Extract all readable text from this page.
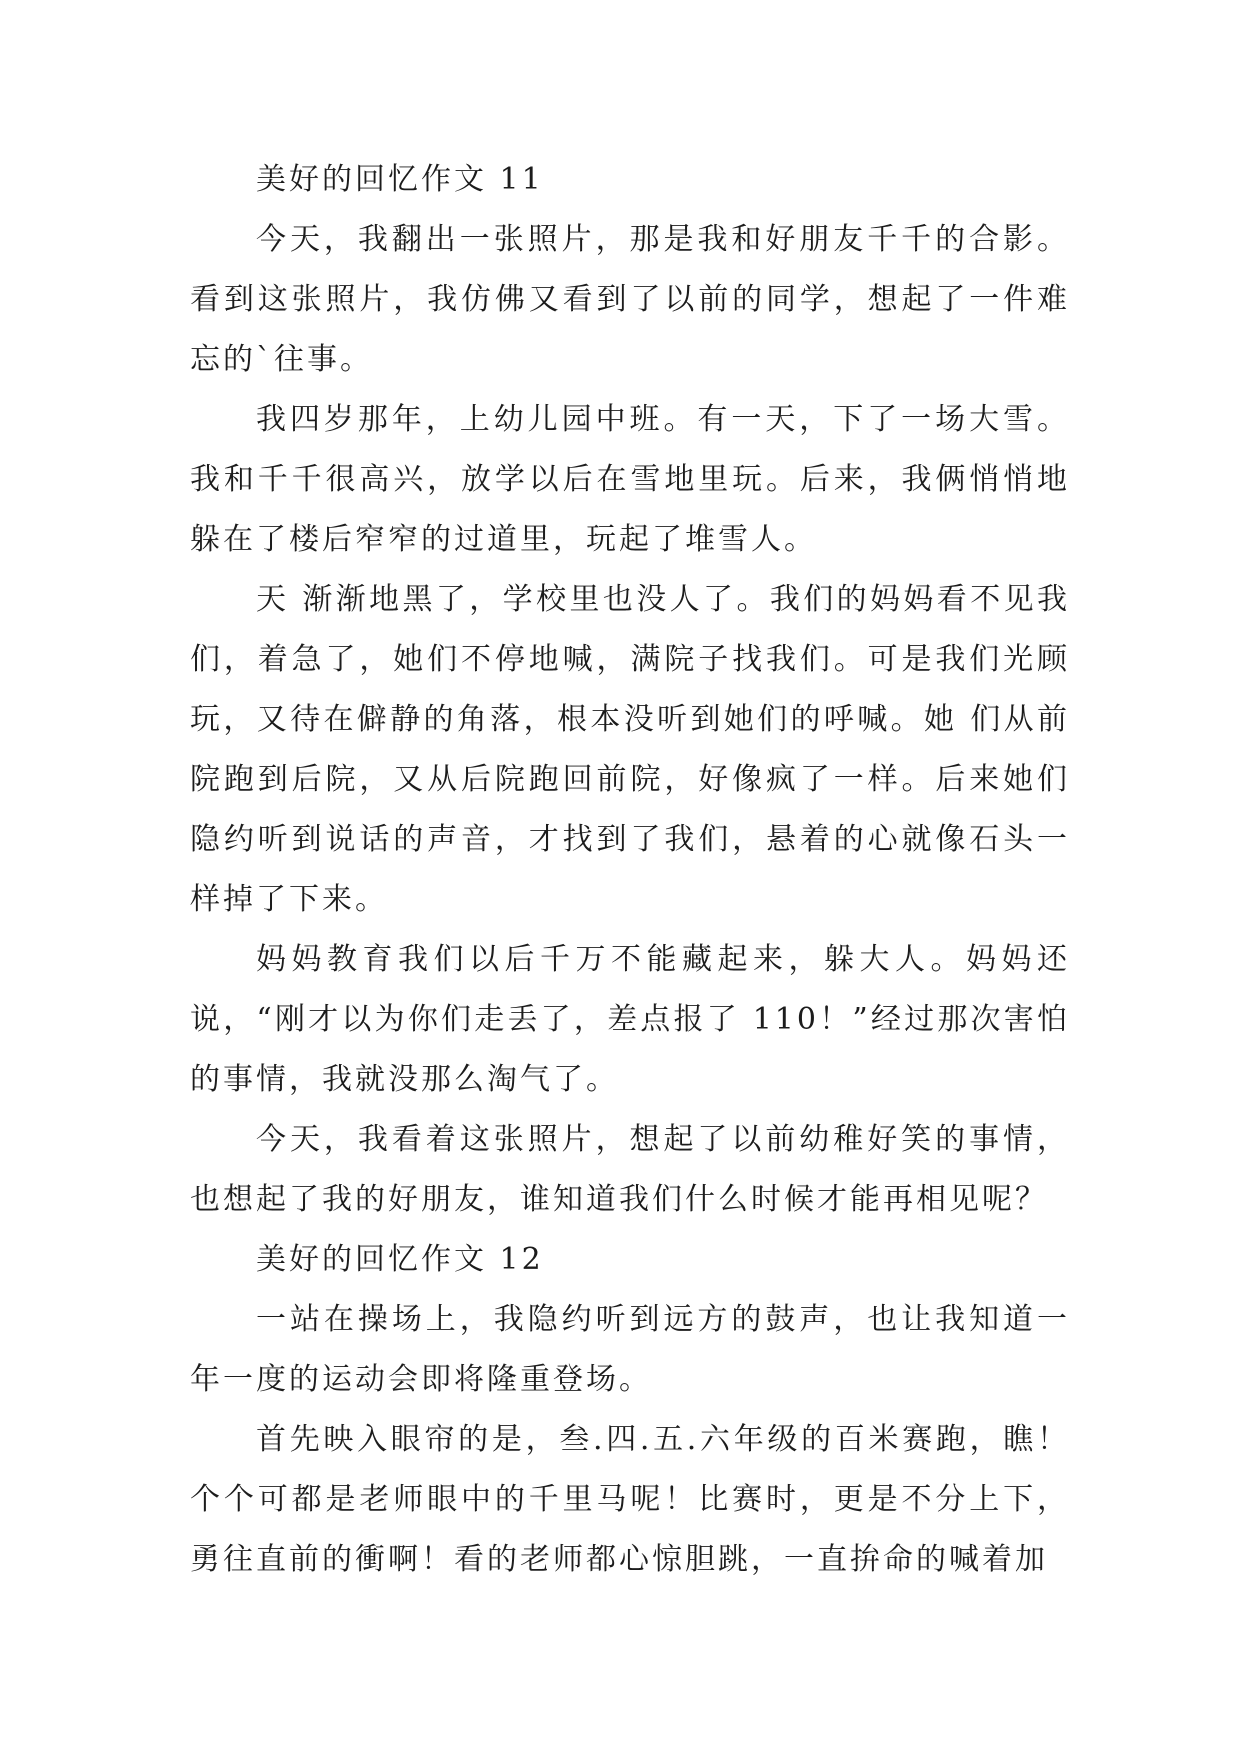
美好的回忆作文 11

今天，我翻出一张照片，那是我和好朋友千千的合影。看到这张照片，我仿佛又看到了以前的同学，想起了一件难忘的`往事。

我四岁那年，上幼儿园中班。有一天，下了一场大雪。我和千千很高兴，放学以后在雪地里玩。后来，我俩悄悄地躲在了楼后窄窄的过道里，玩起了堆雪人。

天 渐渐地黑了，学校里也没人了。我们的妈妈看不见我们，着急了，她们不停地喊，满院子找我们。可是我们光顾玩，又待在僻静的角落，根本没听到她们的呼喊。她 们从前院跑到后院，又从后院跑回前院，好像疯了一样。后来她们隐约听到说话的声音，才找到了我们，悬着的心就像石头一样掉了下来。

妈妈教育我们以后千万不能藏起来，躲大人。妈妈还说，“刚才以为你们走丢了，差点报了 110！”经过那次害怕的事情，我就没那么淘气了。

今天，我看着这张照片，想起了以前幼稚好笑的事情，也想起了我的好朋友，谁知道我们什么时候才能再相见呢？

美好的回忆作文 12

一站在操场上，我隐约听到远方的鼓声，也让我知道一年一度的运动会即将隆重登场。

首先映入眼帘的是，叁.四.五.六年级的百米赛跑，瞧！个个可都是老师眼中的千里马呢！比赛时，更是不分上下，勇往直前的衝啊！看的老师都心惊胆跳，一直拚命的喊着加
